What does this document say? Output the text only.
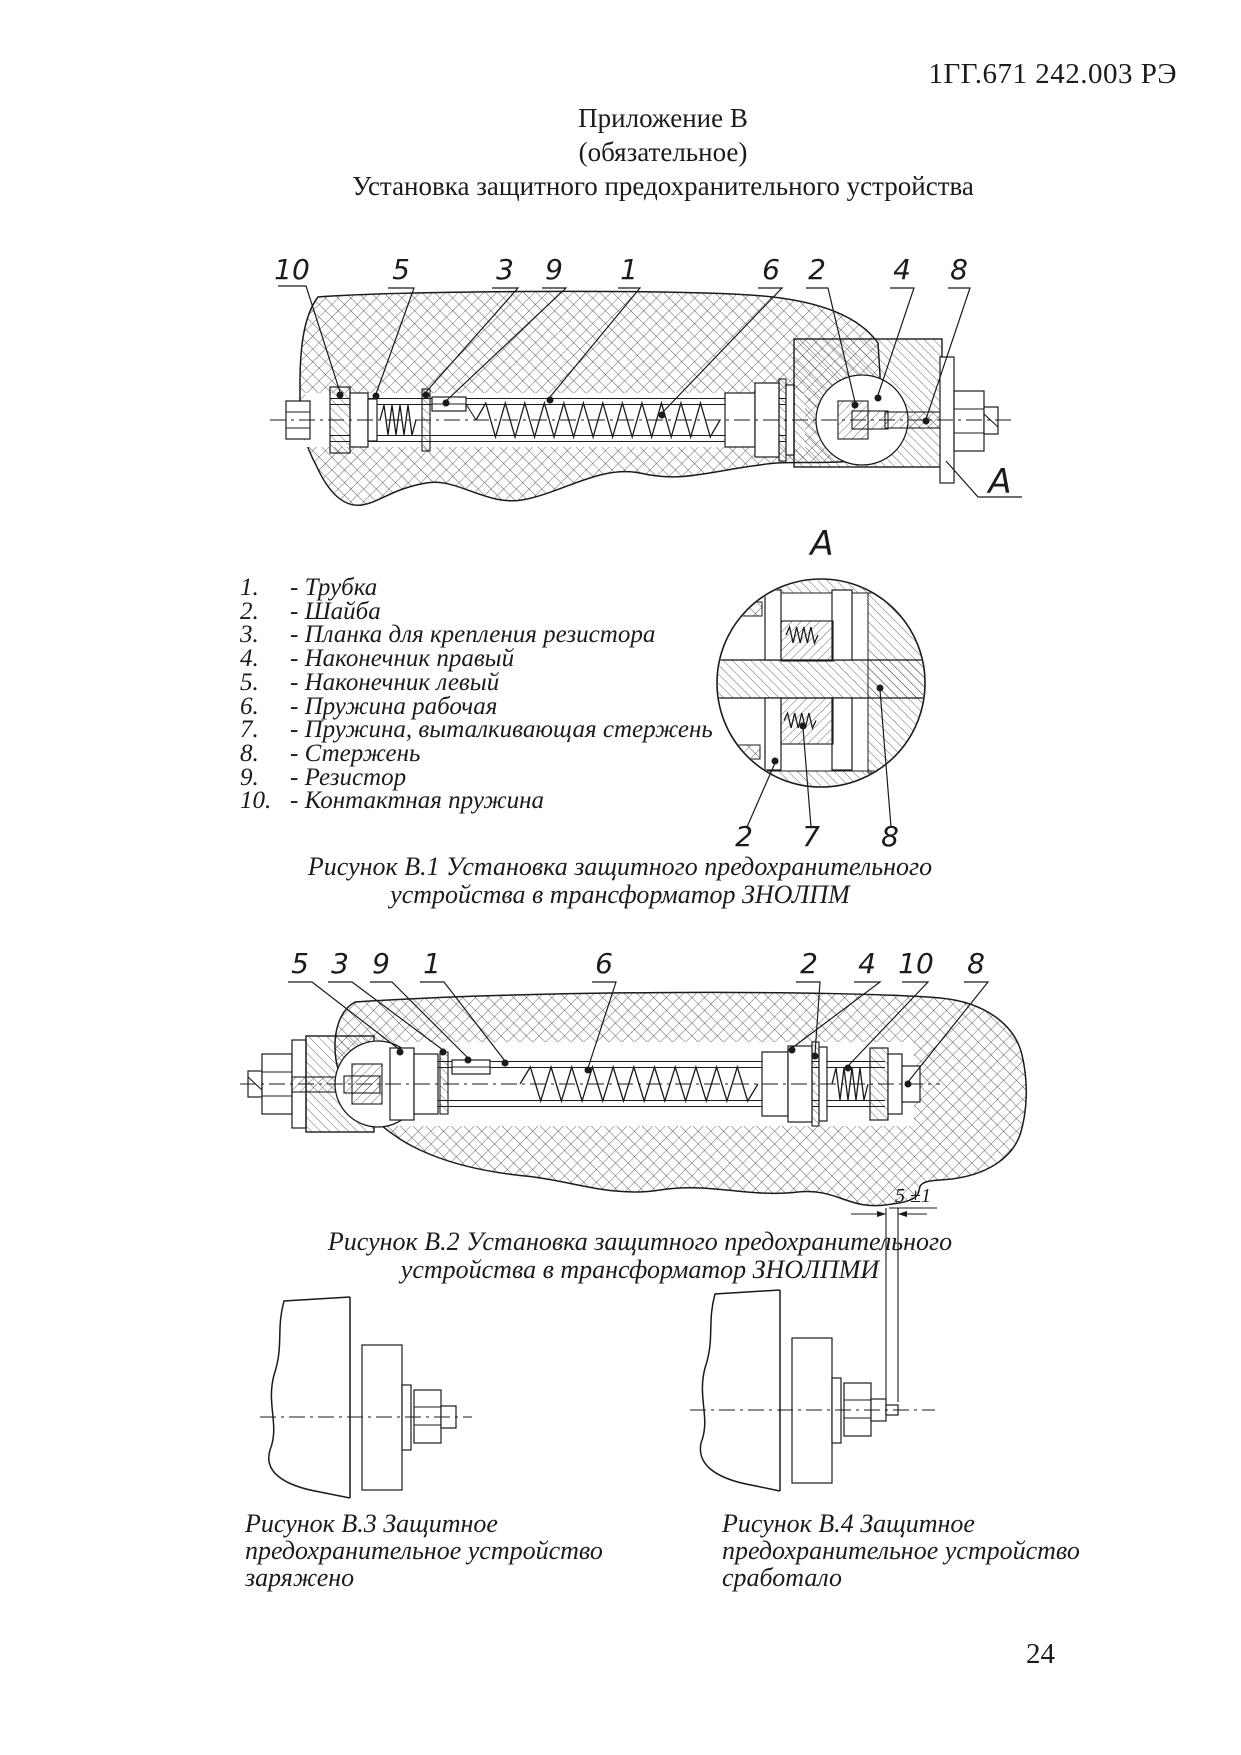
1ГГ.671 242.003 РЭ
Приложение В
(обязательное)
Установка защитного предохранительного устройства
10	5	3 9 1	6 2 4 8
А
1. - Трубка
2. - Шайба
3. - Планка для крепления резистора
4. - Наконечник правый
5. - Наконечник левый
6. - Пружина рабочая
7. - Пружина, выталкивающая стержень
8. - Стержень
9. - Резистор
10. - Контактная пружина
А
2 7 8
Рисунок В.1 Установка защитного предохранительного
устройства в трансформатор ЗНОЛПМ
5 3 9 1	6	2 4 10 8
Рисунок В.2 Установка защитного предохранительного
устройства в трансформатор ЗНОЛПМИ
5 ±1
Рисунок В.3 Защитное
предохранительное устройство
заряжено
Рисунок В.4 Защитное
предохранительное устройство
сработало
24
